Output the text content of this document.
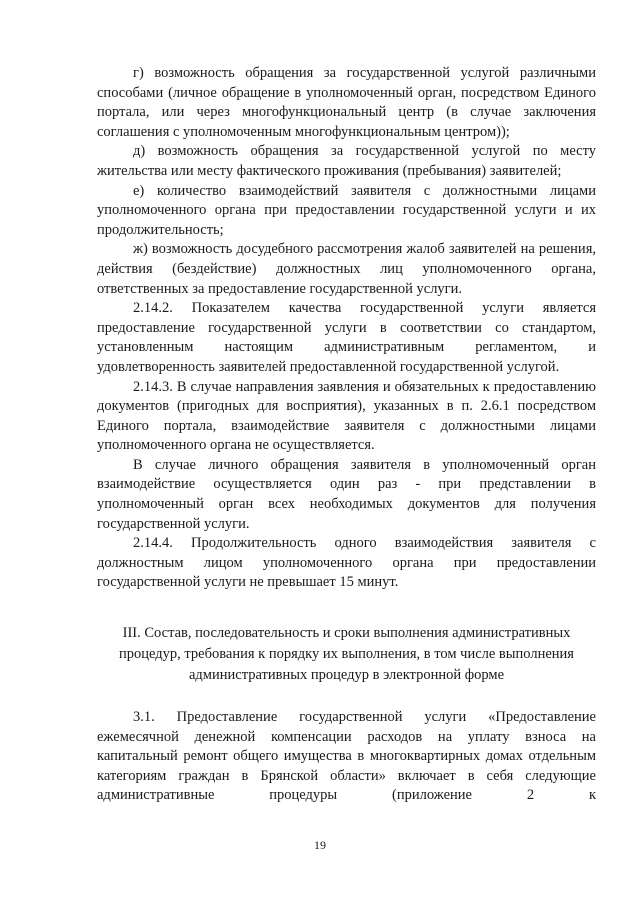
г) возможность обращения за государственной услугой различными способами (личное обращение в уполномоченный орган, посредством Единого портала, или через многофункциональный центр (в случае заключения соглашения с уполномоченным многофункциональным центром));

д) возможность обращения за государственной услугой по месту жительства или месту фактического проживания (пребывания) заявителей;

е) количество взаимодействий заявителя с должностными лицами уполномоченного органа при предоставлении государственной услуги и их продолжительность;

ж) возможность досудебного рассмотрения жалоб заявителей на решения, действия (бездействие) должностных лиц уполномоченного органа, ответственных за предоставление государственной услуги.

2.14.2. Показателем качества государственной услуги является предоставление государственной услуги в соответствии со стандартом, установленным настоящим административным регламентом, и удовлетворенность заявителей предоставленной государственной услугой.

2.14.3. В случае направления заявления и обязательных к предоставлению документов (пригодных для восприятия), указанных в п. 2.6.1 посредством Единого портала, взаимодействие заявителя с должностными лицами уполномоченного органа не осуществляется.

В случае личного обращения заявителя в уполномоченный орган взаимодействие осуществляется один раз - при представлении в уполномоченный орган всех необходимых документов для получения государственной услуги.

2.14.4. Продолжительность одного взаимодействия заявителя с должностным лицом уполномоченного органа при предоставлении государственной услуги не превышает 15 минут.

III. Состав, последовательность и сроки выполнения административных процедур, требования к порядку их выполнения, в том числе выполнения административных процедур в электронной форме

3.1. Предоставление государственной услуги «Предоставление ежемесячной денежной компенсации расходов на уплату взноса на капитальный ремонт общего имущества в многоквартирных домах отдельным категориям граждан в Брянской области» включает в себя следующие административные процедуры (приложение 2 к

19
